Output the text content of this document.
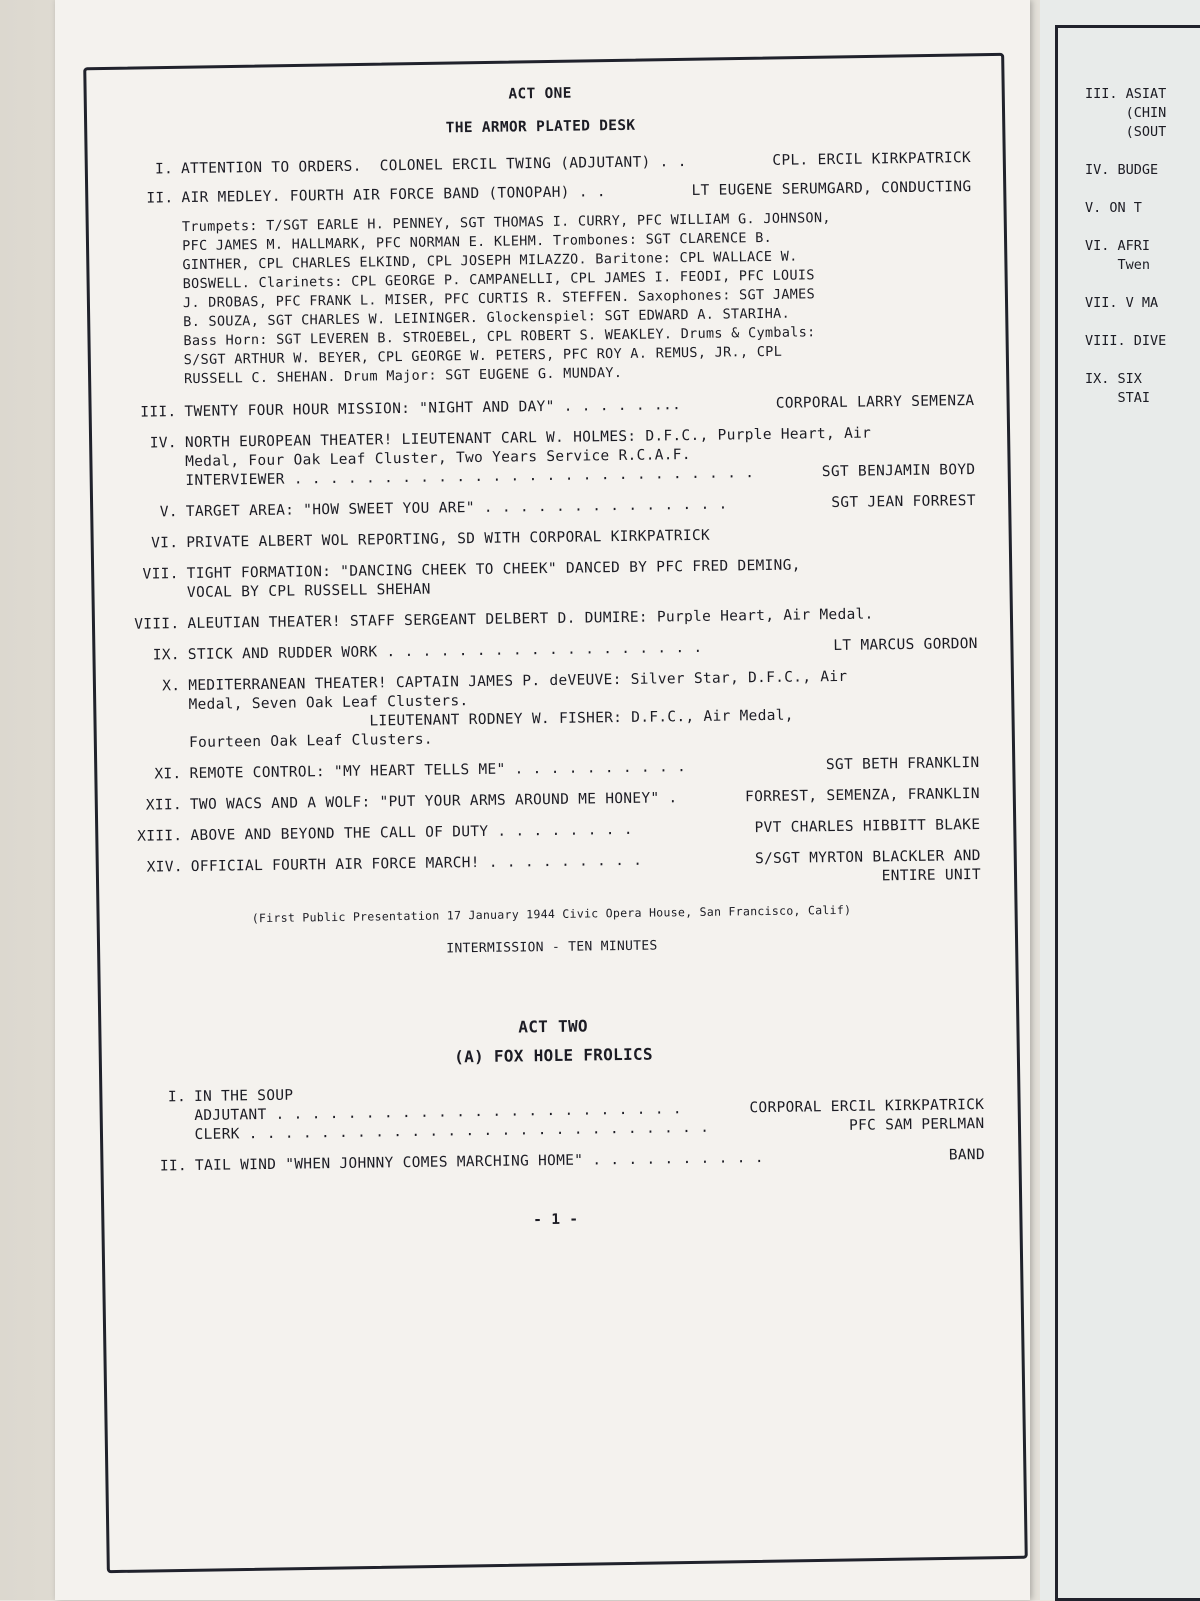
ACT ONE
THE ARMOR PLATED DESK
I. ATTENTION TO ORDERS.  COLONEL ERCIL TWING (ADJUTANT) . .	CPL. ERCIL KIRKPATRICK
II. AIR MEDLEY. FOURTH AIR FORCE BAND (TONOPAH) . .	LT EUGENE SERUMGARD, CONDUCTING
Trumpets: T/SGT EARLE H. PENNEY, SGT THOMAS I. CURRY, PFC WILLIAM G. JOHNSON,
PFC JAMES M. HALLMARK, PFC NORMAN E. KLEHM. Trombones: SGT CLARENCE B.
GINTHER, CPL CHARLES ELKIND, CPL JOSEPH MILAZZO. Baritone: CPL WALLACE W.
BOSWELL. Clarinets: CPL GEORGE P. CAMPANELLI, CPL JAMES I. FEODI, PFC LOUIS
J. DROBAS, PFC FRANK L. MISER, PFC CURTIS R. STEFFEN. Saxophones: SGT JAMES
B. SOUZA, SGT CHARLES W. LEININGER. Glockenspiel: SGT EDWARD A. STARIHA.
Bass Horn: SGT LEVEREN B. STROEBEL, CPL ROBERT S. WEAKLEY. Drums & Cymbals:
S/SGT ARTHUR W. BEYER, CPL GEORGE W. PETERS, PFC ROY A. REMUS, JR., CPL
RUSSELL C. SHEHAN. Drum Major: SGT EUGENE G. MUNDAY.
III. TWENTY FOUR HOUR MISSION: "NIGHT AND DAY" . . . . . ...	CORPORAL LARRY SEMENZA
IV. NORTH EUROPEAN THEATER! LIEUTENANT CARL W. HOLMES: D.F.C., Purple Heart, Air
Medal, Four Oak Leaf Cluster, Two Years Service R.C.A.F.
INTERVIEWER . . . . . . . . . . . . . . . . . . . . . . . . . .	SGT BENJAMIN BOYD
V. TARGET AREA: "HOW SWEET YOU ARE" . . . . . . . . . . . . . .	SGT JEAN FORREST
VI. PRIVATE ALBERT WOL REPORTING, SD WITH CORPORAL KIRKPATRICK
VII. TIGHT FORMATION: "DANCING CHEEK TO CHEEK" DANCED BY PFC FRED DEMING,
VOCAL BY CPL RUSSELL SHEHAN
VIII. ALEUTIAN THEATER! STAFF SERGEANT DELBERT D. DUMIRE: Purple Heart, Air Medal.
IX. STICK AND RUDDER WORK . . . . . . . . . . . . . . . . . .	LT MARCUS GORDON
X. MEDITERRANEAN THEATER! CAPTAIN JAMES P. deVEUVE: Silver Star, D.F.C., Air
Medal, Seven Oak Leaf Clusters.
LIEUTENANT RODNEY W. FISHER: D.F.C., Air Medal,
Fourteen Oak Leaf Clusters.
XI. REMOTE CONTROL: "MY HEART TELLS ME" . . . . . . . . . .	SGT BETH FRANKLIN
XII. TWO WACS AND A WOLF: "PUT YOUR ARMS AROUND ME HONEY" .	FORREST, SEMENZA, FRANKLIN
XIII. ABOVE AND BEYOND THE CALL OF DUTY . . . . . . . .	PVT CHARLES HIBBITT BLAKE
XIV. OFFICIAL FOURTH AIR FORCE MARCH! . . . . . . . . .	S/SGT MYRTON BLACKLER AND
ENTIRE UNIT
(First Public Presentation 17 January 1944 Civic Opera House, San Francisco, Calif)
INTERMISSION - TEN MINUTES
ACT TWO
(A) FOX HOLE FROLICS
I. IN THE SOUP
ADJUTANT . . . . . . . . . . . . . . . . . . . . . . .	CORPORAL ERCIL KIRKPATRICK
CLERK . . . . . . . . . . . . . . . . . . . . . . . . . .	PFC SAM PERLMAN
II. TAIL WIND "WHEN JOHNNY COMES MARCHING HOME" . . . . . . . . . .	BAND
- 1 -
III. ASIAT
(CHIN
(SOUT

IV. BUDGE

V. ON T

VI. AFRI
Twen

VII. V MA

VIII. DIVE

IX. SIX
STAI
